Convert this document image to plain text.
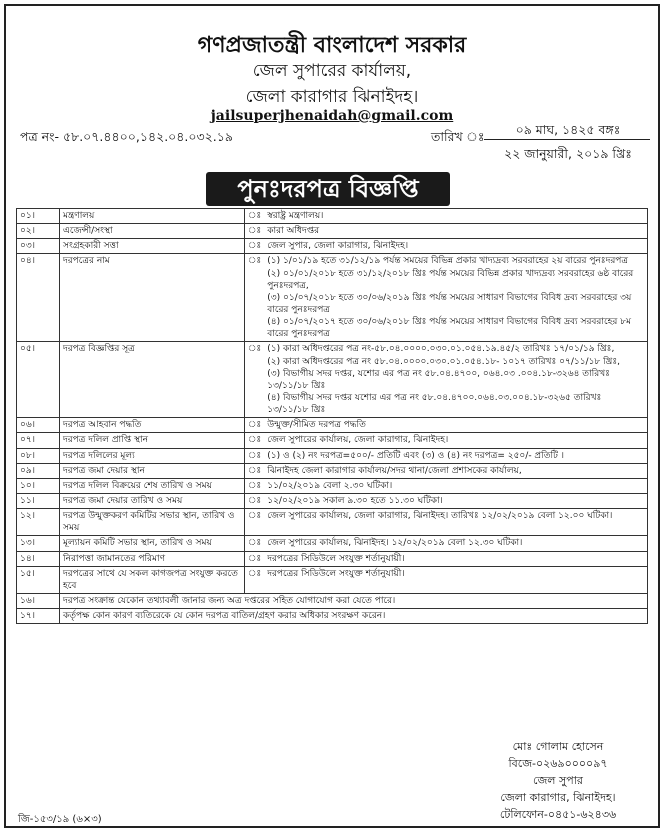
গণপ্রজাতন্ত্রী বাংলাদেশ সরকার
জেল সুপারের কার্যালয়,
জেলা কারাগার ঝিনাইদহ।
jailsuperjhenaidah@gmail.com
পত্র নং- ৫৮.০৭.৪৪০০,১৪২.০৪.০৩২.১৯	তারিখ ঃ	০৯ মাঘ, ১৪২৫ বঙ্গঃ
২২ জানুয়ারী, ২০১৯ খ্রিঃ
পুনঃদরপত্র বিজ্ঞপ্তি
০১।	মন্ত্রণালয়	ঃ	স্বরাষ্ট্র মন্ত্রণালয়।
০২।	এজেন্সী/সংস্থা	ঃ	কারা অধিদপ্তর
০৩।	সংগ্রহকারী সত্তা	ঃ	জেল সুপার, জেলা কারাগার, ঝিনাইদহ।
০৪।	দরপত্রের নাম	ঃ	(১) ১/০১/১৯ হতে ৩১/১২/১৯ পর্যন্ত সময়ের বিভিন্ন প্রকার খাদ্যদ্রব্য সরবরাহের ২য় বারের পুনঃদরপত্র
(২) ০১/০১/২০১৮ হতে ৩১/১২/২০১৮ খ্রিঃ পর্যন্ত সময়ের বিভিন্ন প্রকার খাদ্যদ্রব্য সরবরাহের ৬ষ্ঠ বারের পুনঃদরপত্র,
(৩) ০১/০৭/২০১৮ হতে ৩০/০৬/২০১৯ খ্রিঃ পর্যন্ত সময়ের সাধারণ বিভাগের বিবিধ দ্রব্য সরবরাহের ৩য় বারের পুনঃদরপত্র
(৪) ০১/০৭/২০১৭ হতে ৩০/০৬/২০১৮ খ্রিঃ পর্যন্ত সময়ের সাধারণ বিভাগের বিবিধ দ্রব্য সরবরাহের ৮ম বারের পুনঃদরপত্র
০৫।	দরপত্র বিজ্ঞপ্তির সূত্র	ঃ	(১) কারা অধিদপ্তরের পত্র নং-৫৮.০৪.০০০০.০৩০.০১.০৫৪.১৯.৪৫/২ তারিখঃ ১৭/০১/১৯ খ্রিঃ,
(২) কারা অধিদপ্তরের পত্র নং ৫৮.০৪.০০০০.০৩০.০১.০৫৪.১৮- ১০১৭ তারিখঃ ০৭/১১/১৮ খ্রিঃ,
(৩) বিভাগীয় সদর দপ্তর, যশোর এর পত্র নং ৫৮.০৪.৪৭০০, ০৬৪.০৩ .০০৪.১৮-৩২৬৪ তারিখঃ ১৩/১১/১৮ খ্রিঃ
(৪) বিভাগীয় সদর দপ্তর যশোর এর পত্র নং ৫৮.০৪.৪৭০০.০৬৪.০৩.০০৪.১৮-৩২৬৫ তারিখঃ ১৩/১১/১৮ খ্রিঃ
০৬।	দরপত্র আহবান পদ্ধতি	ঃ	উন্মুক্ত/সীমিত দরপত্র পদ্ধতি
০৭।	দরপত্র দলিল প্রাপ্তি স্থান	ঃ	জেল সুপারের কার্যালয়, জেলা কারাগার, ঝিনাইদহ।
০৮।	দরপত্র দলিলের মূল্য	ঃ	(১) ও (২) নং দরপত্র=৫০০/- প্রতিটি এবং (৩) ও (৪) নং দরপত্র= ২৫০/- প্রতিটি ।
০৯।	দরপত্র জমা দেয়ার স্থান	ঃ	ঝিনাইদহ জেলা কারাগার কার্যালয়/সদর থানা/জেলা প্রশাসকের কার্যালয়,
১০।	দরপত্র দলিল বিক্রয়ের শেষ তারিখ ও সময়	ঃ	১১/০২/২০১৯ বেলা ২.৩০ ঘটিকা।
১১।	দরপত্র জমা দেয়ার তারিখ ও সময়	ঃ	১২/০২/২০১৯ সকাল ৯.৩০ হতে ১১.৩০ ঘটিকা।
১২।	দরপত্র উন্মুক্তকরণ কমিটির সভার স্থান, তারিখ ও সময়	ঃ	জেল সুপারের কার্যালয়, জেলা কারাগার, ঝিনাইদহ। তারিখঃ ১২/০২/২০১৯ বেলা ১২.০০ ঘটিকা।
১৩।	মূল্যায়ন কমিটি সভার স্থান, তারিখ ও সময়	ঃ	জেল সুপারের কার্যালয়, ঝিনাইদহ। ১২/০২/২০১৯ বেলা ১২.৩০ ঘটিকা।
১৪।	নিরাপত্তা জামানতের পরিমাণ	ঃ	দরপত্রের সিডিউলে সংযুক্ত শর্তানুযায়ী।
১৫।	দরপত্রের সাথে যে সকল কাগজপত্র সংযুক্ত করতে হবে	ঃ	দরপত্রের সিডিউলে সংযুক্ত শর্তানুযায়ী।
১৬।	দরপত্র সংক্রান্ত যেকোন তথ্যাবলী জানার জন্য অত্র দপ্তরের সহিত যোগাযোগ করা যেতে পারে।		
১৭।	কর্তৃপক্ষ কোন কারণ ব্যতিরেকে যে কোন দরপত্র বাতিল/গ্রহণ করার অধিকার সংরক্ষণ করেন।		
মোঃ গোলাম হোসেন
বিজে-০২৬৯০০০০৯৭
জেল সুপার
জেলা কারাগার, ঝিনাইদহ।
টেলিফোন-০৪৫১-৬২৪৩৬
জি-১৫৩/১৯ (৬×৩)
